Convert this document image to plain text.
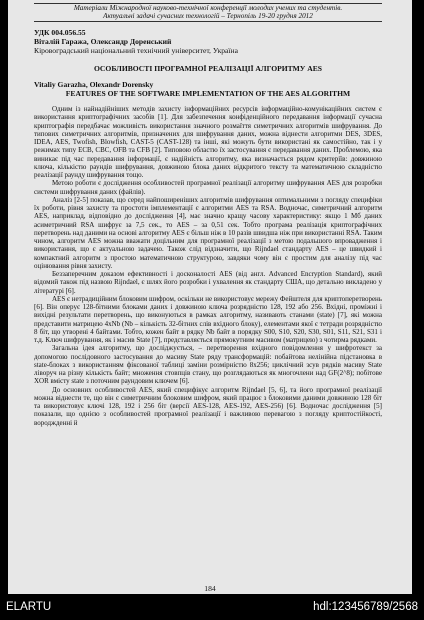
Матеріали Міжнародної науково-технічної конференції молодих учених та студентів.
Актуальні задачі сучасних технологій – Тернопіль 19-20 грудня 2012
УДК 004.056.55
Віталій Гаража, Олександр Доренський
Кіровоградський національний технічний університет, Україна
ОСОБЛИВОСТІ ПРОГРАМНОЇ РЕАЛІЗАЦІЇ АЛГОРИТМУ AES
Vitaliy Garazha, Olexandr Dorensky
FEATURES OF THE SOFTWARE IMPLEMENTATION OF THE AES ALGORITHM

Одним із найнадійніших методів захисту інформаційних ресурсів інформаційно-комунікаційних систем є використання криптографічних засобів [1]. Для забезпечення конфіденційного передавання інформації сучасна криптографія передбачає можливість використання значного розмаїття симетричних алгоритмів шифрування. До типових симетричних алгоритмів, призначених для шифрування даних, можна віднести алгоритми DES, 3DES, IDEA, AES, Twofish, Blowfish, CAST-5 (CAST-128) та інші, які можуть бути використані як самостійно, так і у режимах типу ECB, CBC, OFB та CFB [2]. Типовою областю їх застосування є передавання даних. Проблемою, яка виникає під час передавання інформації, є надійність алгоритму, яка визначається рядом критеріїв: довжиною ключа, кількістю раундів шифрування, довжиною блока даних відкритого тексту та математичною складністю реалізації раунду шифрування тощо.

Метою роботи є дослідження особливостей програмної реалізації алгоритму шифрування AES для розробки системи шифрування даних (файлів).

Аналіз [2-5] показав, що серед найпоширеніших алгоритмів шифрування оптимальними з погляду специфіки їх роботи, рівня захисту та простоти імплементації є алгоритми AES та RSA. Водночас, симетричний алгоритм AES, наприклад, відповідно до дослідження [4], має значно кращу часову характеристику: якщо 1 Мб даних асиметричний RSA шифрує за 7,5 сек., то AES – за 0,51 сек. Тобто програма реалізація криптографічних перетворень над даними на основі алгоритму AES є більш ніж в 10 разів швидша ніж при використанні RSA. Таким чином, алгоритм AES можна вважати доцільним для програмної реалізації з метою подальшого впровадження і використання, що є актуальною задачею. Також слід відзначити, що Rijndael стандарту AES – це швидкий і компактний алгоритм з простою математичною структурою, завдяки чому він є простим для аналізу під час оцінювання рівня захисту.

Беззаперечним доказом ефективності і досконалості AES (від англ. Advanced Encryption Standard), який відомий також під назвою Rijndael, є шлях його розробки і ухвалення як стандарту США, що детально викладено у літературі [6].

AES є нетрадиційним блоковим шифром, оскільки не використовує мережу Фейштеля для криптоперетворень [6]. Він оперує 128-бітними блоками даних і довжиною ключа розрядністю 128, 192 або 256. Вхідні, проміжні і вихідні результати перетворень, що виконуються в рамках алгоритму, називають станами (state) [7], які можна представити матрицею 4xNb (Nb – кількість 32-бітних слів вхідного блоку), елементами якої є тетради розрядністю 8 біт, що утворені 4 байтами. Тобто, кожен байт в рядку Nb байт в порядку S00, S10, S20, S30, S01, S11, S21, S31 і т.д. Ключ шифрування, як і масив State [7], представляється прямокутним масивом (матрицею) з чотирма рядками.

Загальна ідея алгоритму, що досліджується, – перетворення вхідного повідомлення у шифротекст за допомогою послідовного застосування до масиву State ряду трансформацій: побайтова нелінійна підстановка в state-блоках з використанням фіксованої таблиці заміни розмірністю 8x256; циклічний зсув рядків масиву State ліворуч на різну кількість байт; множення стовпців стану, що розглядаються як многочлени над GF(2^8); побітове XOR вмісту state з поточним раундовим ключем [6].

До основних особливостей AES, який специфікує алгоритм Rijndael [5, 6], та його програмної реалізації можна віднести те, що він є симетричним блоковим шифром, який працює з блоковими даними довжиною 128 біт та використовує ключі 128, 192 і 256 біт (версії AES-128, AES-192, AES-256) [6]. Водночас дослідження [5] показали, що однією з особливостей програмної реалізації і важливою перевагою з погляду криптостійкості, вороджденні й

184
ELARTU	hdl:123456789/2568
